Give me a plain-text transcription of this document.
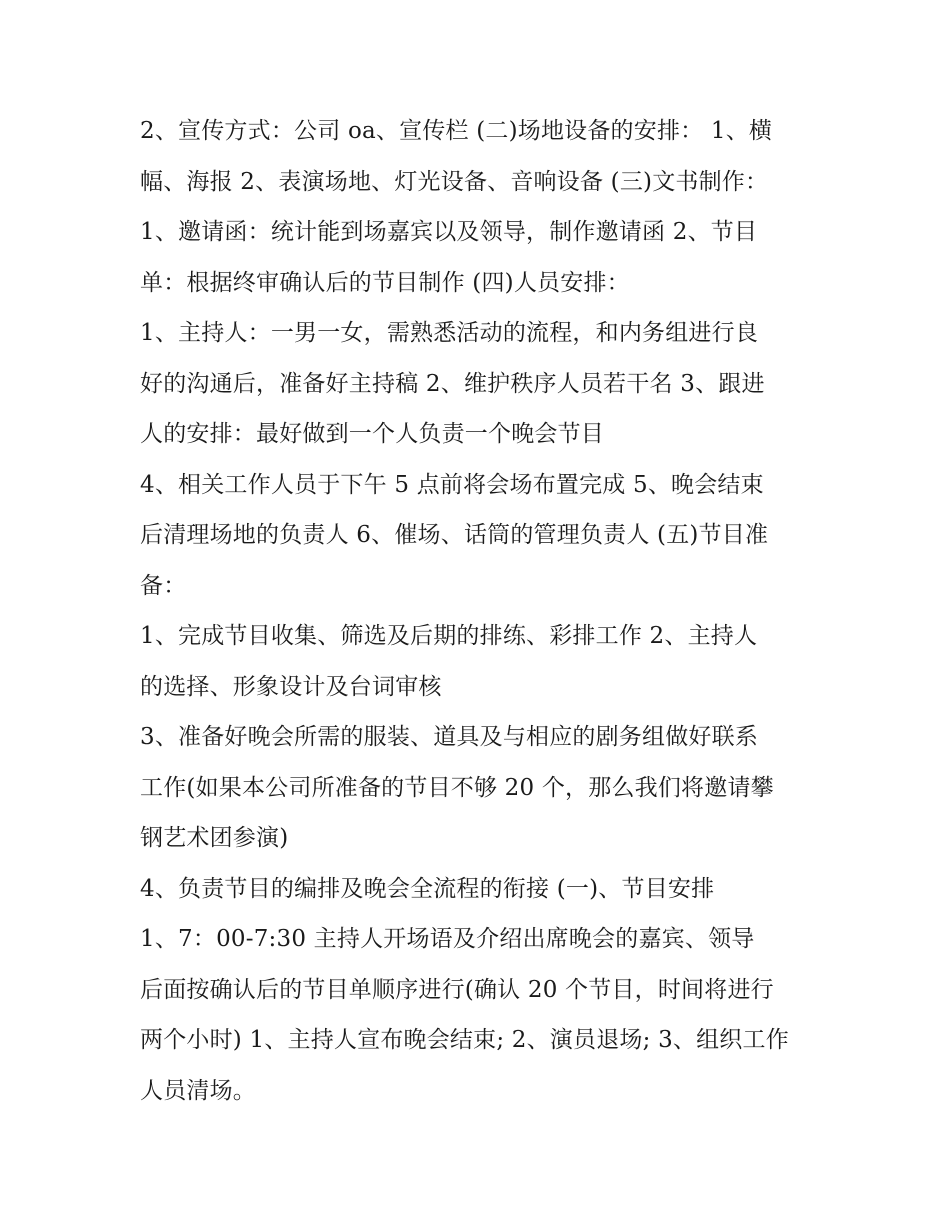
2、宣传方式：公司 oa、宣传栏 (二)场地设备的安排： 1、横
幅、海报 2、表演场地、灯光设备、音响设备 (三)文书制作：
1、邀请函：统计能到场嘉宾以及领导，制作邀请函 2、节目
单：根据终审确认后的节目制作 (四)人员安排：
1、主持人：一男一女，需熟悉活动的流程，和内务组进行良
好的沟通后，准备好主持稿 2、维护秩序人员若干名 3、跟进
人的安排：最好做到一个人负责一个晚会节目
4、相关工作人员于下午 5 点前将会场布置完成 5、晚会结束
后清理场地的负责人 6、催场、话筒的管理负责人 (五)节目准
备：
1、完成节目收集、筛选及后期的排练、彩排工作 2、主持人
的选择、形象设计及台词审核
3、准备好晚会所需的服装、道具及与相应的剧务组做好联系
工作(如果本公司所准备的节目不够 20 个，那么我们将邀请攀
钢艺术团参演)
4、负责节目的编排及晚会全流程的衔接 (一)、节目安排
1、7：00-7:30 主持人开场语及介绍出席晚会的嘉宾、领导
后面按确认后的节目单顺序进行(确认 20 个节目，时间将进行
两个小时) 1、主持人宣布晚会结束; 2、演员退场; 3、组织工作
人员清场。
